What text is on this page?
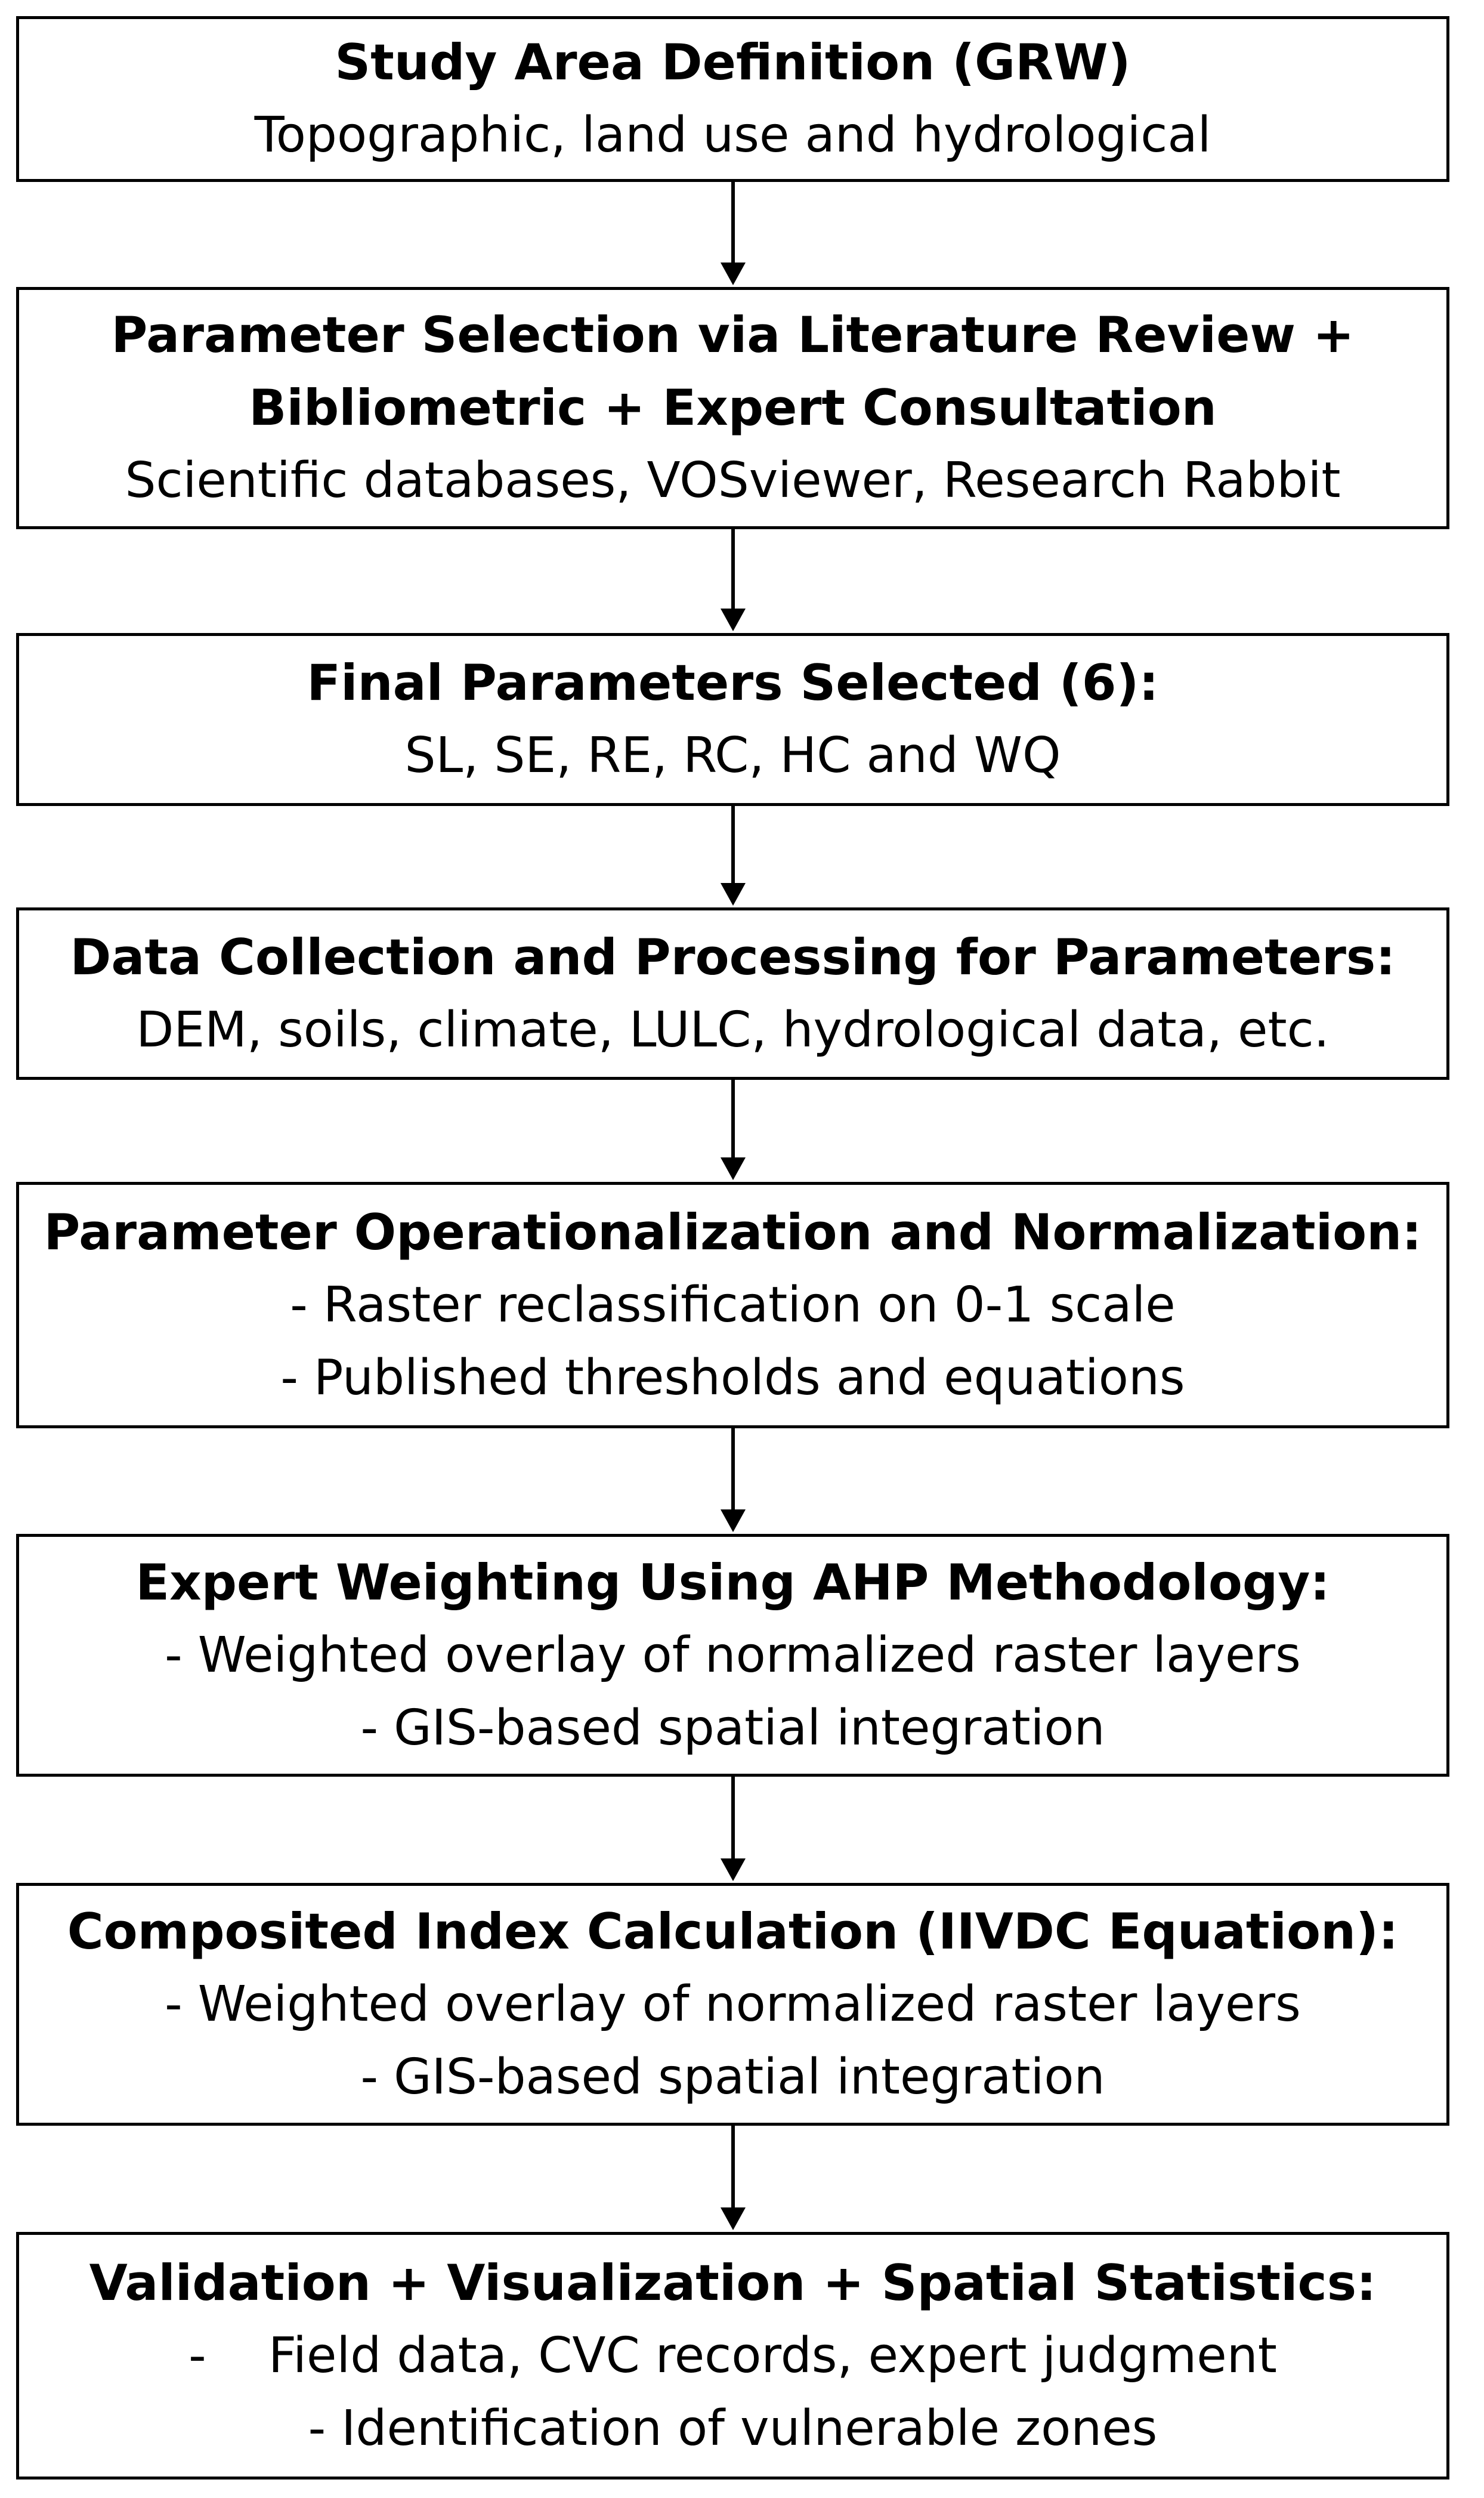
Study Area Definition (GRW)
Topographic, land use and hydrological
Parameter Selection via Literature Review +
Bibliometric + Expert Consultation
Scientific databases, VOSviewer, Research Rabbit
Final Parameters Selected (6):
SL, SE, RE, RC, HC and WQ
Data Collection and Processing for Parameters:
DEM, soils, climate, LULC, hydrological data, etc.
Parameter Operationalization and Normalization:
- Raster reclassification on 0-1 scale
- Published thresholds and equations
Expert Weighting Using AHP Methodology:
- Weighted overlay of normalized raster layers
- GIS-based spatial integration
Composited Index Calculation (IIVDC Equation):
- Weighted overlay of normalized raster layers
- GIS-based spatial integration
Validation + Visualization + Spatial Statistics:
-    Field data, CVC records, expert judgment
- Identification of vulnerable zones
